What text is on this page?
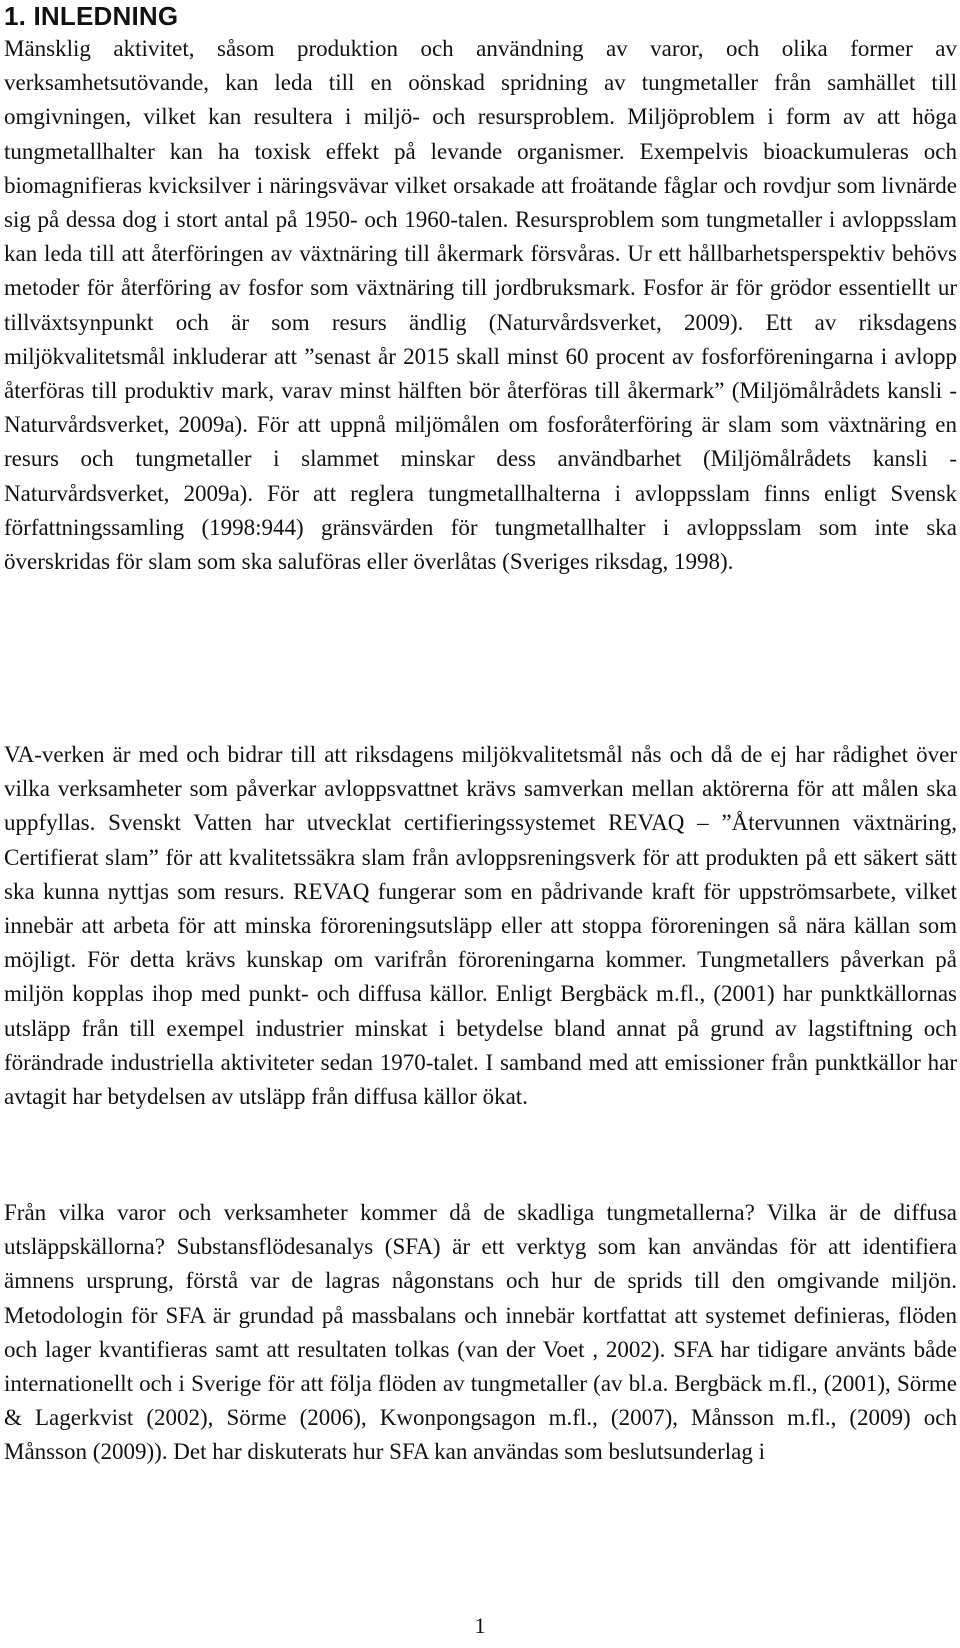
1. INLEDNING

Mänsklig aktivitet, såsom produktion och användning av varor, och olika former av verksamhetsutövande, kan leda till en oönskad spridning av tungmetaller från samhället till omgivningen, vilket kan resultera i miljö- och resursproblem. Miljöproblem i form av att höga tungmetallhalter kan ha toxisk effekt på levande organismer. Exempelvis bioackumuleras och biomagnifieras kvicksilver i näringsvävar vilket orsakade att froätande fåglar och rovdjur som livnärde sig på dessa dog i stort antal på 1950- och 1960-talen. Resursproblem som tungmetaller i avloppsslam kan leda till att återföringen av växtnäring till åkermark försvåras. Ur ett hållbarhetsperspektiv behövs metoder för återföring av fosfor som växtnäring till jordbruksmark. Fosfor är för grödor essentiellt ur tillväxtsynpunkt och är som resurs ändlig (Naturvårdsverket, 2009). Ett av riksdagens miljökvalitetsmål inkluderar att ”senast år 2015 skall minst 60 procent av fosforföreningarna i avlopp återföras till produktiv mark, varav minst hälften bör återföras till åkermark” (Miljömålrådets kansli - Naturvårdsverket, 2009a). För att uppnå miljömålen om fosforåterföring är slam som växtnäring en resurs och tungmetaller i slammet minskar dess användbarhet (Miljömålrådets kansli - Naturvårdsverket, 2009a). För att reglera tungmetallhalterna i avloppsslam finns enligt Svensk författningssamling (1998:944) gränsvärden för tungmetallhalter i avloppsslam som inte ska överskridas för slam som ska saluföras eller överlåtas (Sveriges riksdag, 1998).

VA-verken är med och bidrar till att riksdagens miljökvalitetsmål nås och då de ej har rådighet över vilka verksamheter som påverkar avloppsvattnet krävs samverkan mellan aktörerna för att målen ska uppfyllas. Svenskt Vatten har utvecklat certifieringssystemet REVAQ – ”Återvunnen växtnäring, Certifierat slam” för att kvalitetssäkra slam från avloppsreningsverk för att produkten på ett säkert sätt ska kunna nyttjas som resurs. REVAQ fungerar som en pådrivande kraft för uppströmsarbete, vilket innebär att arbeta för att minska föroreningsutsläpp eller att stoppa föroreningen så nära källan som möjligt. För detta krävs kunskap om varifrån föroreningarna kommer. Tungmetallers påverkan på miljön kopplas ihop med punkt- och diffusa källor. Enligt Bergbäck m.fl., (2001) har punktkällornas utsläpp från till exempel industrier minskat i betydelse bland annat på grund av lagstiftning och förändrade industriella aktiviteter sedan 1970-talet. I samband med att emissioner från punktkällor har avtagit har betydelsen av utsläpp från diffusa källor ökat.

Från vilka varor och verksamheter kommer då de skadliga tungmetallerna? Vilka är de diffusa utsläppskällorna? Substansflödesanalys (SFA) är ett verktyg som kan användas för att identifiera ämnens ursprung, förstå var de lagras någonstans och hur de sprids till den omgivande miljön. Metodologin för SFA är grundad på massbalans och innebär kortfattat att systemet definieras, flöden och lager kvantifieras samt att resultaten tolkas (van der Voet , 2002). SFA har tidigare använts både internationellt och i Sverige för att följa flöden av tungmetaller (av bl.a. Bergbäck m.fl., (2001), Sörme & Lagerkvist (2002), Sörme (2006), Kwonpongsagon m.fl., (2007), Månsson m.fl., (2009) och Månsson (2009)). Det har diskuterats hur SFA kan användas som beslutsunderlag i

1
